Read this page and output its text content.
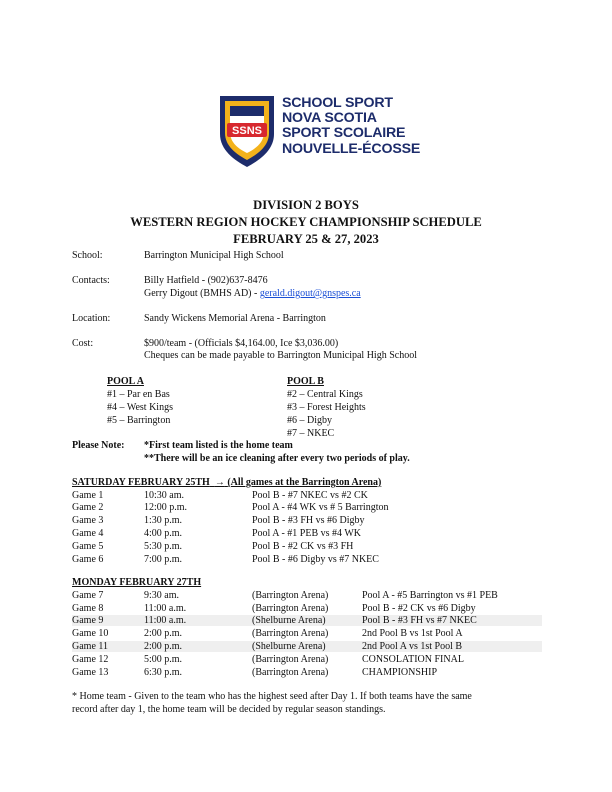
SSNS
SCHOOL SPORT
NOVA SCOTIA
SPORT SCOLAIRE
NOUVELLE-ÉCOSSE
DIVISION 2 BOYS
WESTERN REGION HOCKEY CHAMPIONSHIP SCHEDULE
FEBRUARY 25 & 27, 2023
School:	Barrington Municipal High School
Contacts:	Billy Hatfield - (902)637-8476
Gerry Digout (BMHS AD) - gerald.digout@gnspes.ca
Location:	Sandy Wickens Memorial Arena - Barrington
Cost:	$900/team - (Officials $4,164.00, Ice $3,036.00)
Cheques can be made payable to Barrington Municipal High School
POOL A
#1 – Par en Bas
#4 – West Kings
#5 – Barrington
POOL B
#2 – Central Kings
#3 – Forest Heights
#6 – Digby
#7 – NKEC
Please Note: *First team listed is the home team
**There will be an ice cleaning after every two periods of play.
SATURDAY FEBRUARY 25TH → (All games at the Barrington Arena)
Game 1	10:30 am.	Pool B - #7 NKEC vs #2 CK
Game 2	12:00 p.m.	Pool A - #4 WK vs # 5 Barrington
Game 3	1:30 p.m.	Pool B - #3 FH vs #6 Digby
Game 4	4:00 p.m.	Pool A - #1 PEB vs #4 WK
Game 5	5:30 p.m.	Pool B - #2 CK vs #3 FH
Game 6	7:00 p.m.	Pool B - #6 Digby vs #7 NKEC
MONDAY FEBRUARY 27TH
Game 7	9:30 am.	(Barrington Arena)	Pool A - #5 Barrington vs #1 PEB
Game 8	11:00 a.m.	(Barrington Arena)	Pool B - #2 CK vs #6 Digby
Game 9	11:00 a.m.	(Shelburne Arena)	Pool B - #3 FH vs #7 NKEC
Game 10	2:00 p.m.	(Barrington Arena)	2nd Pool B vs 1st Pool A
Game 11	2:00 p.m.	(Shelburne Arena)	2nd Pool A vs 1st Pool B
Game 12	5:00 p.m.	(Barrington Arena)	CONSOLATION FINAL
Game 13	6:30 p.m.	(Barrington Arena)	CHAMPIONSHIP
* Home team - Given to the team who has the highest seed after Day 1. If both teams have the same
record after day 1, the home team will be decided by regular season standings.
